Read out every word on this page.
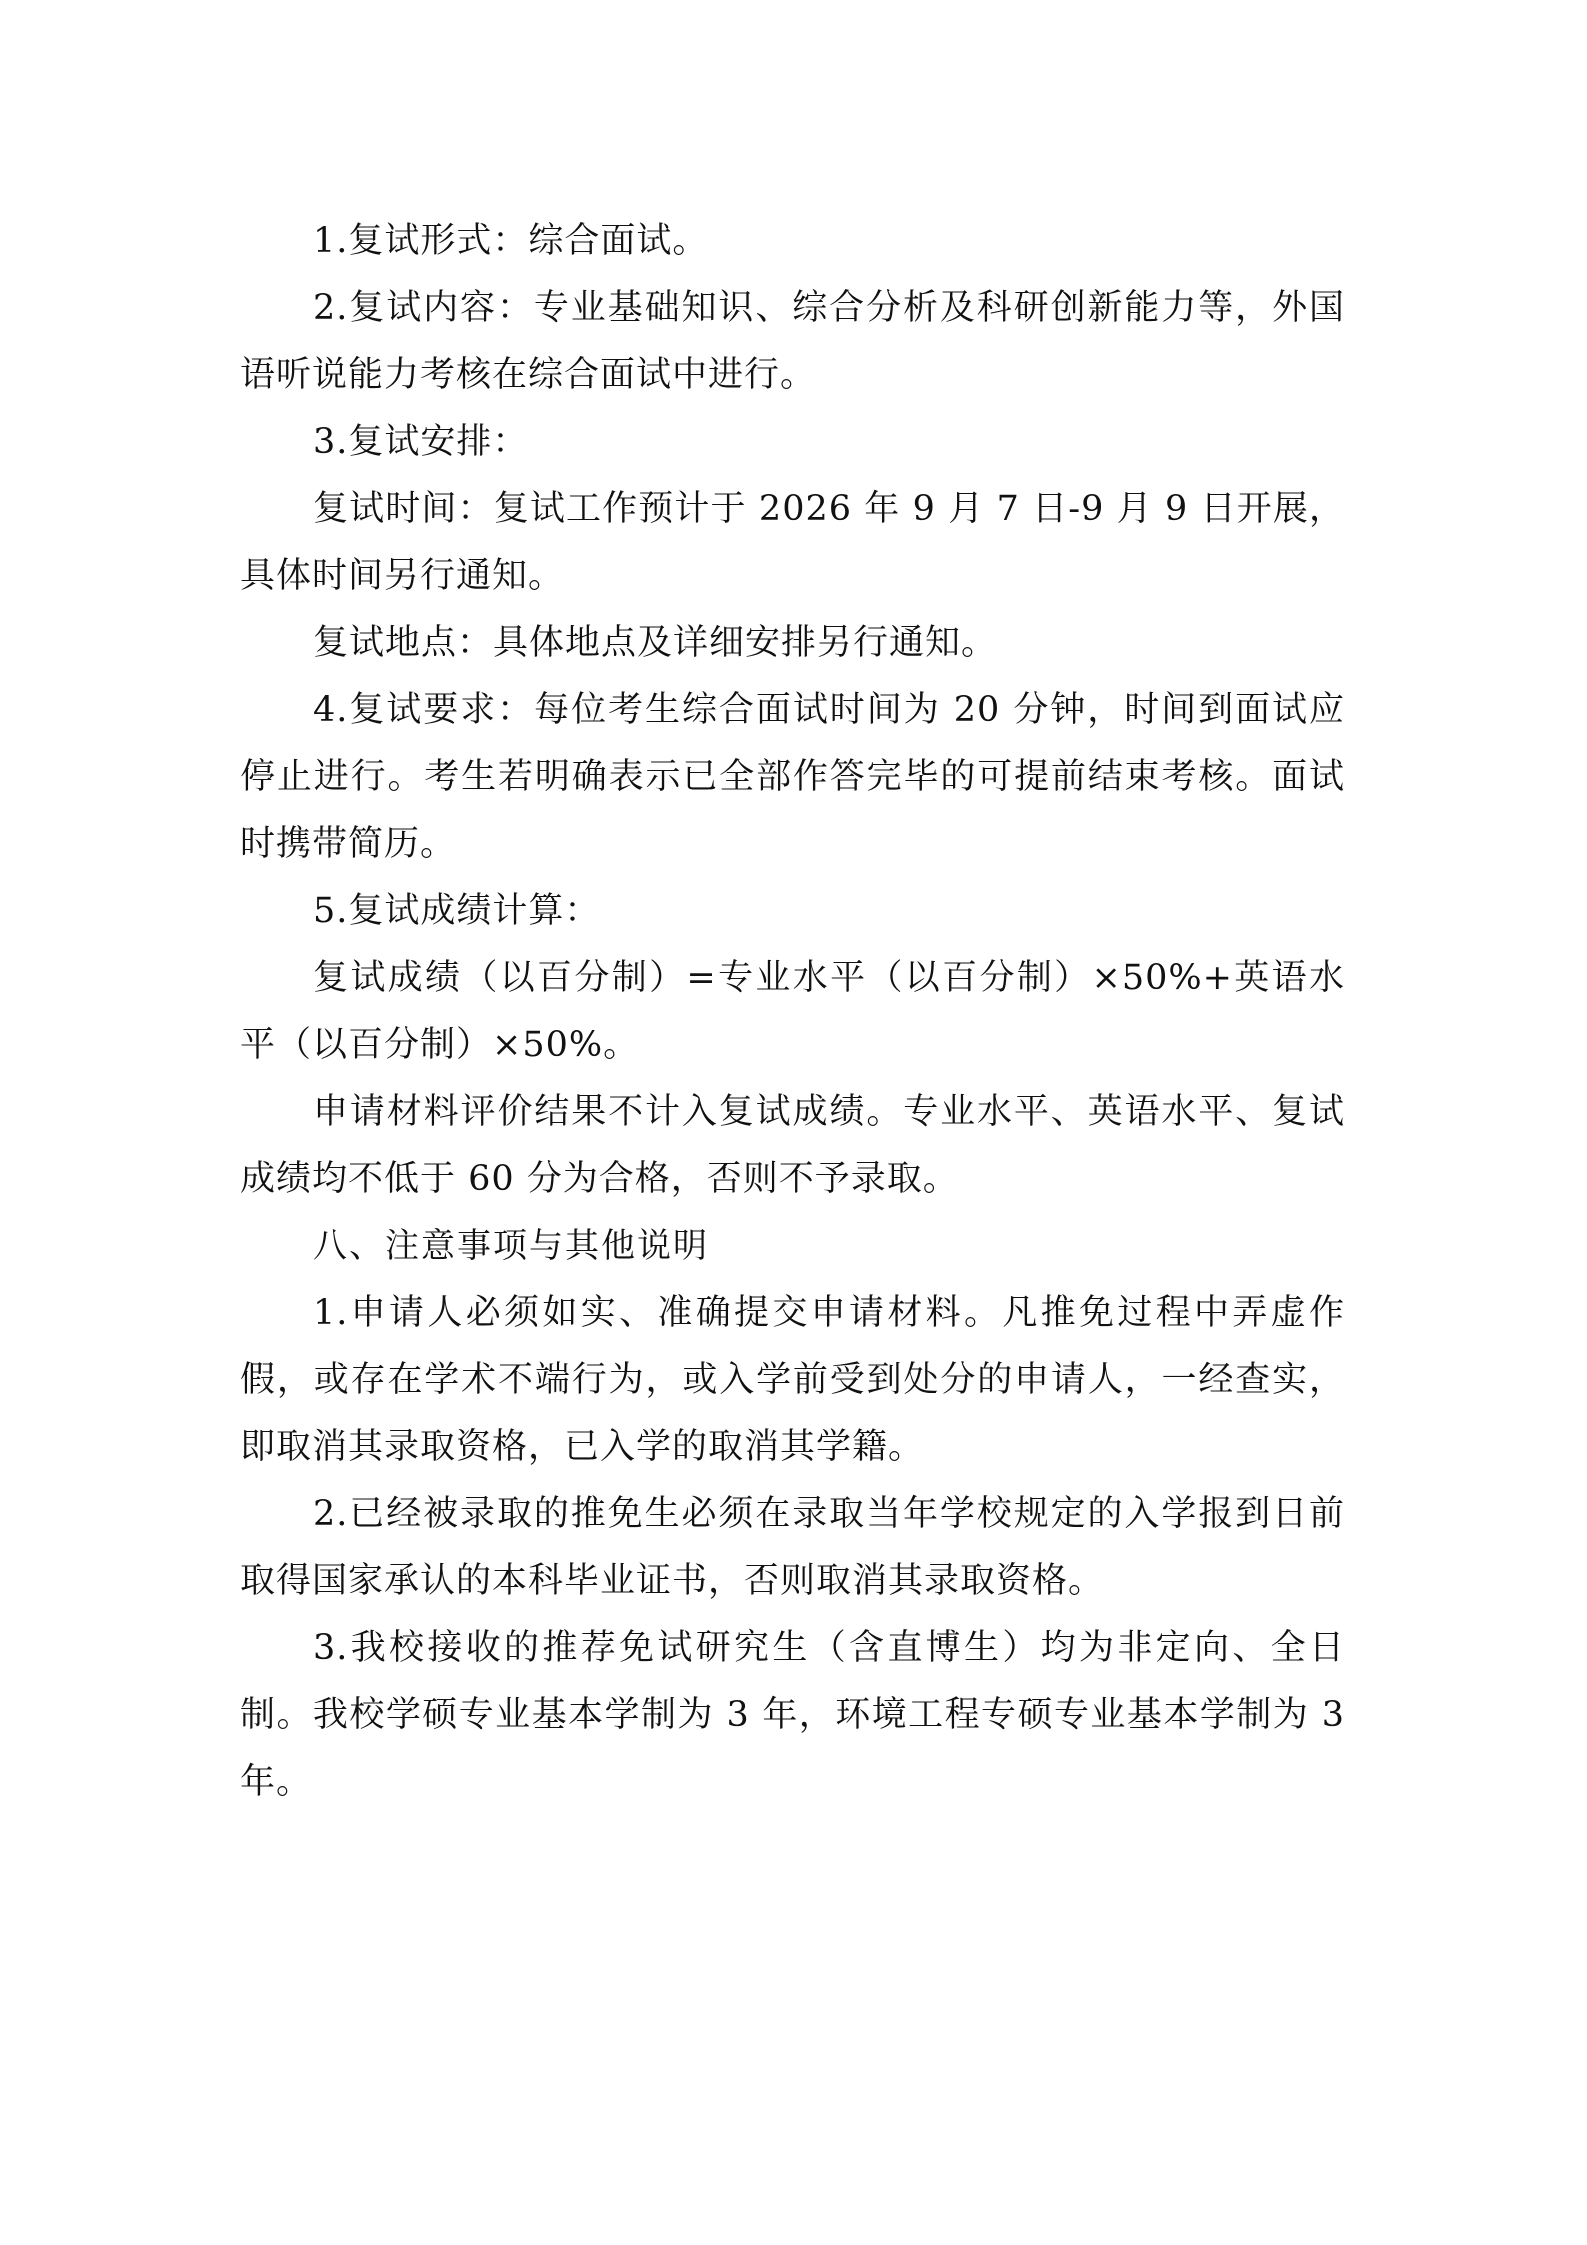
1.复试形式：综合面试。

2.复试内容：专业基础知识、综合分析及科研创新能力等，外国语听说能力考核在综合面试中进行。

3.复试安排：

复试时间：复试工作预计于 2026 年 9 月 7 日-9 月 9 日开展，具体时间另行通知。

复试地点：具体地点及详细安排另行通知。

4.复试要求：每位考生综合面试时间为 20 分钟，时间到面试应停止进行。考生若明确表示已全部作答完毕的可提前结束考核。面试时携带简历。

5.复试成绩计算：

复试成绩（以百分制）=专业水平（以百分制）×50%+英语水平（以百分制）×50%。

申请材料评价结果不计入复试成绩。专业水平、英语水平、复试成绩均不低于 60 分为合格，否则不予录取。

八、注意事项与其他说明

1.申请人必须如实、准确提交申请材料。凡推免过程中弄虚作假，或存在学术不端行为，或入学前受到处分的申请人，一经查实，即取消其录取资格，已入学的取消其学籍。

2.已经被录取的推免生必须在录取当年学校规定的入学报到日前取得国家承认的本科毕业证书，否则取消其录取资格。

3.我校接收的推荐免试研究生（含直博生）均为非定向、全日制。我校学硕专业基本学制为 3 年，环境工程专硕专业基本学制为 3 年。
